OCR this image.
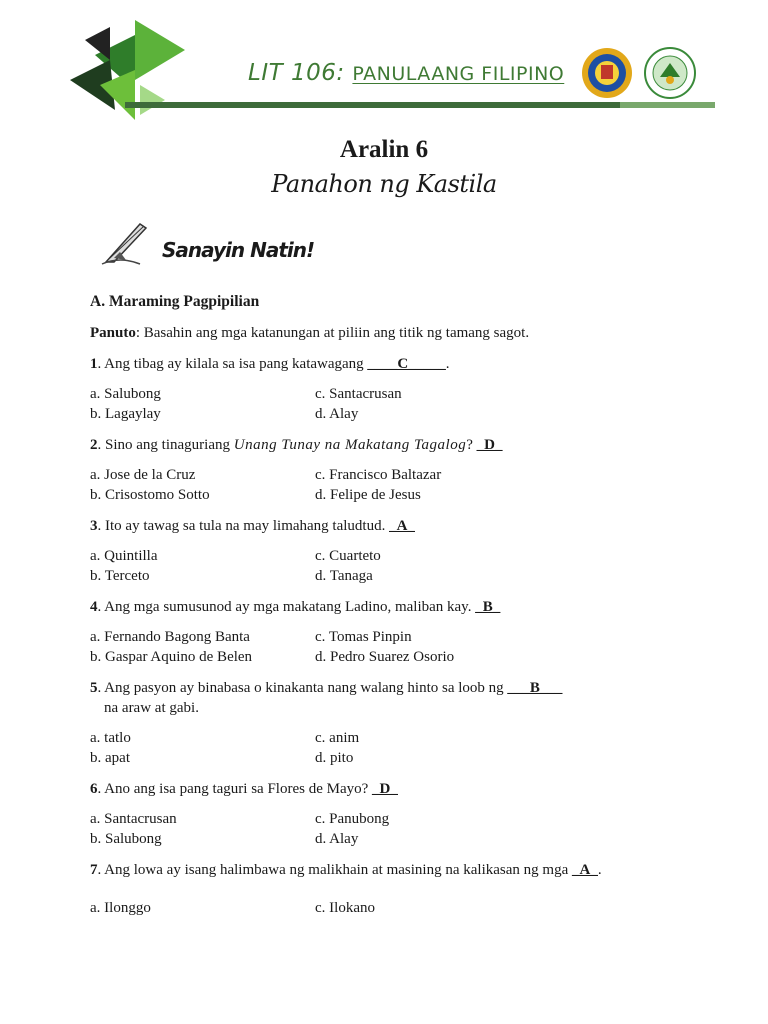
LIT 106: PANULAANG FILIPINO
Aralin 6
Panahon ng Kastila
Sanayin Natin!
A. Maraming Pagpipilian
Panuto: Basahin ang mga katanungan at piliin ang titik ng tamang sagot.
1. Ang tibag ay kilala sa isa pang katawagang ____C_____.
a. Salubong	c. Santacrusan
b. Lagaylay	d. Alay
2. Sino ang tinaguriang Unang Tunay na Makatang Tagalog? _D_
a. Jose de la Cruz	c. Francisco Baltazar
b. Crisostomo Sotto	d. Felipe de Jesus
3. Ito ay tawag sa tula na may limahang taludtud. _A_
a. Quintilla	c. Cuarteto
b. Terceto	d. Tanaga
4. Ang mga sumusunod ay mga makatang Ladino, maliban kay. _B_
a. Fernando Bagong Banta	c. Tomas Pinpin
b. Gaspar Aquino de Belen	d. Pedro Suarez Osorio
5. Ang pasyon ay binabasa o kinakanta nang walang hinto sa loob ng ___B___
na araw at gabi.
a. tatlo	c. anim
b. apat	d. pito
6. Ano ang isa pang taguri sa Flores de Mayo? _D_
a. Santacrusan	c. Panubong
b. Salubong	d. Alay
7. Ang lowa ay isang halimbawa ng malikhain at masining na kalikasan ng mga _A_.
a. Ilonggo	c. Ilokano
